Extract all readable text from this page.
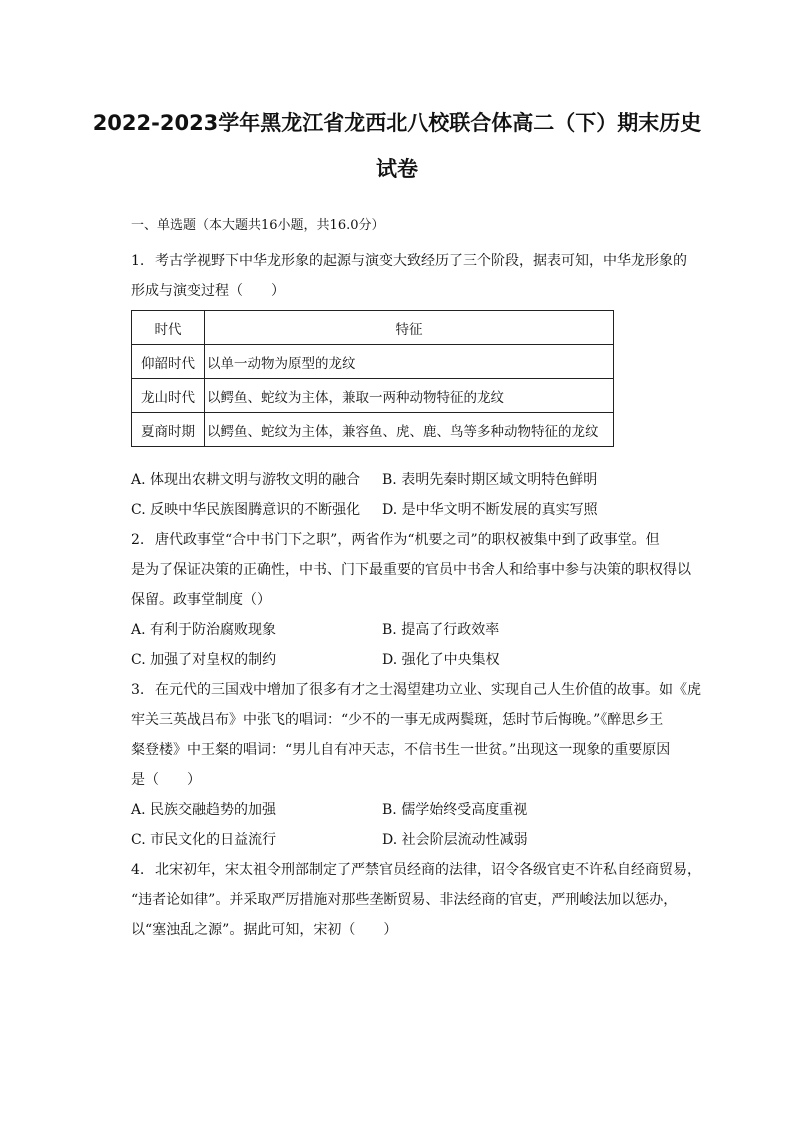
2022-2023学年黑龙江省龙西北八校联合体高二（下）期末历史
试卷
一、单选题（本大题共16小题，共16.0分）
1. 考古学视野下中华龙形象的起源与演变大致经历了三个阶段，据表可知，中华龙形象的
形成与演变过程（　　）
时代	特征
仰韶时代	以单一动物为原型的龙纹
龙山时代	以鳄鱼、蛇纹为主体，兼取一两种动物特征的龙纹
夏商时期	以鳄鱼、蛇纹为主体，兼容鱼、虎、鹿、鸟等多种动物特征的龙纹
A. 体现出农耕文明与游牧文明的融合	B. 表明先秦时期区域文明特色鲜明
C. 反映中华民族图腾意识的不断强化	D. 是中华文明不断发展的真实写照
2. 唐代政事堂“合中书门下之职”，两省作为“机要之司”的职权被集中到了政事堂。但
是为了保证决策的正确性，中书、门下最重要的官员中书舍人和给事中参与决策的职权得以
保留。政事堂制度（）
A. 有利于防治腐败现象	B. 提高了行政效率
C. 加强了对皇权的制约	D. 强化了中央集权
3. 在元代的三国戏中增加了很多有才之士渴望建功立业、实现自己人生价值的故事。如《虎
牢关三英战吕布》中张飞的唱词：“少不的一事无成两鬓斑，恁时节后悔晚。”《醉思乡王
粲登楼》中王粲的唱词：“男儿自有冲天志，不信书生一世贫。”出现这一现象的重要原因
是（　　）
A. 民族交融趋势的加强	B. 儒学始终受高度重视
C. 市民文化的日益流行	D. 社会阶层流动性减弱
4. 北宋初年，宋太祖令刑部制定了严禁官员经商的法律，诏令各级官吏不许私自经商贸易，
“违者论如律”。并采取严厉措施对那些垄断贸易、非法经商的官吏，严刑峻法加以惩办，
以“塞浊乱之源”。据此可知，宋初（　　）
